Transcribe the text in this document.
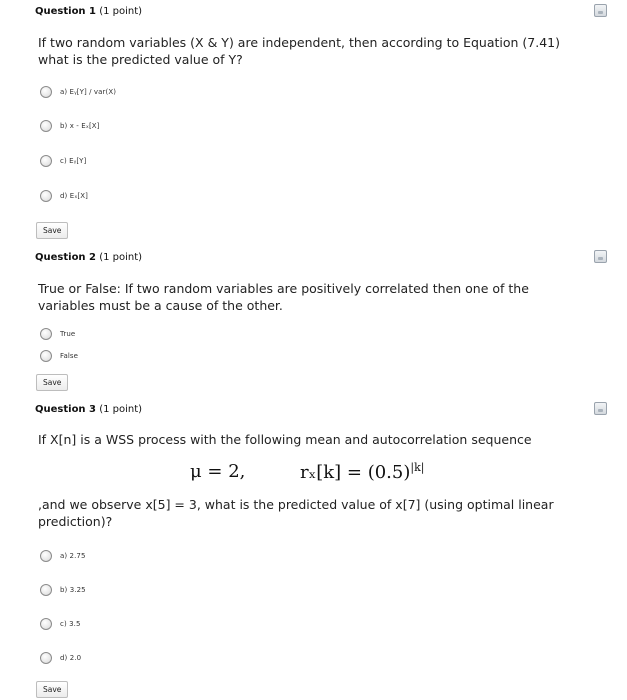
Question 1 (1 point)
If two random variables (X & Y) are independent, then according to Equation (7.41)
what is the predicted value of Y?
a) Eᵧ[Y] / var(X)
b) x - Eₓ[X]
c) Eᵧ[Y]
d) Eₓ[X]
Save
Question 2 (1 point)
True or False: If two random variables are positively correlated then one of the
variables must be a cause of the other.
True
False
Save
Question 3 (1 point)
If X[n] is a WSS process with the following mean and autocorrelation sequence
μ = 2,	$r_x[k] = (0.5)^{|k|}$
,and we observe x[5] = 3, what is the predicted value of x[7] (using optimal linear
prediction)?
a) 2.75
b) 3.25
c) 3.5
d) 2.0
Save
